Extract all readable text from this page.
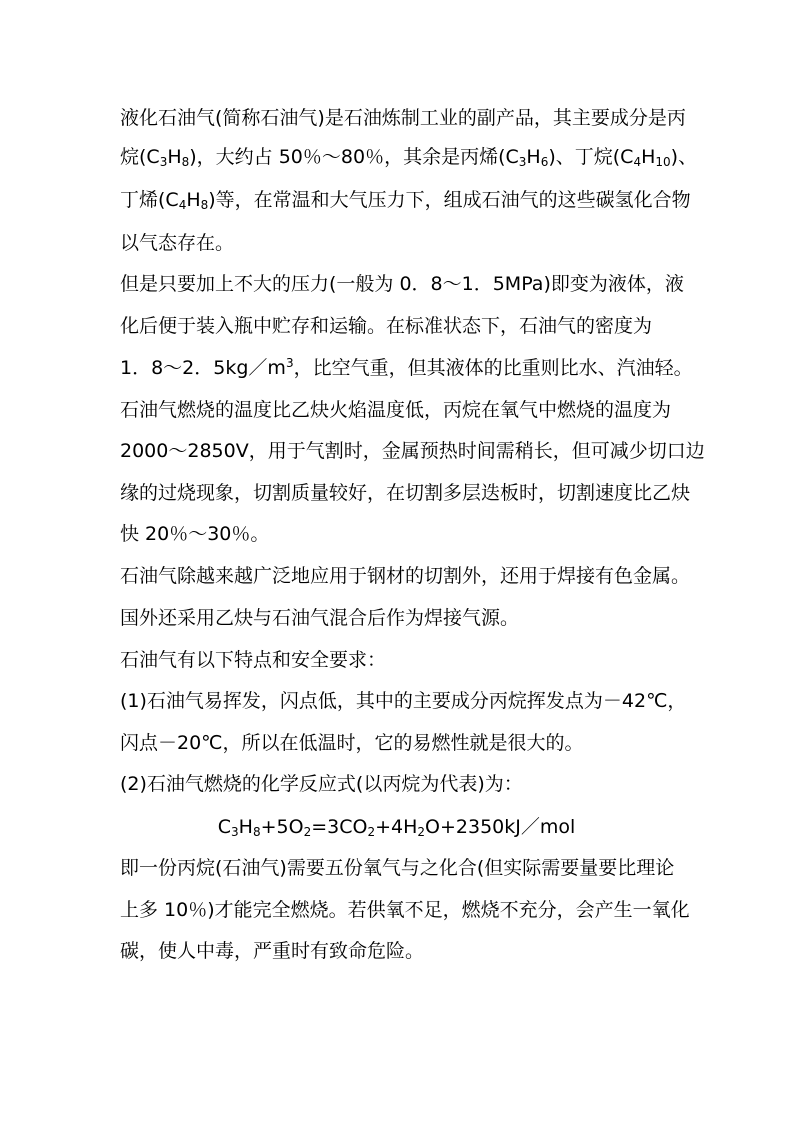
液化石油气(简称石油气)是石油炼制工业的副产品，其主要成分是丙
烷$(C_3H_8)$，大约占 50％～80％，其余是丙烯$(C_3H_6)$、丁烷$(C_4H_{10})$、
丁烯$(C_4H_8)$等，在常温和大气压力下，组成石油气的这些碳氢化合物
以气态存在。
但是只要加上不大的压力(一般为 0．8～1．5MPa)即变为液体，液
化后便于装入瓶中贮存和运输。在标准状态下，石油气的密度为
1．8～2．$5kg/m^3$，比空气重，但其液体的比重则比水、汽油轻。
石油气燃烧的温度比乙炔火焰温度低，丙烷在氧气中燃烧的温度为
2000～2850V，用于气割时，金属预热时间需稍长，但可减少切口边
缘的过烧现象，切割质量较好，在切割多层迭板时，切割速度比乙炔
快 20％～30％。
石油气除越来越广泛地应用于钢材的切割外，还用于焊接有色金属。
国外还采用乙炔与石油气混合后作为焊接气源。
石油气有以下特点和安全要求：
(1)石油气易挥发，闪点低，其中的主要成分丙烷挥发点为－42℃，
闪点－20℃，所以在低温时，它的易燃性就是很大的。
(2)石油气燃烧的化学反应式(以丙烷为代表)为：
$C_3H_8+5O_2=3CO_2+4H_2O+2350kJ/mol$
即一份丙烷(石油气)需要五份氧气与之化合(但实际需要量要比理论
上多 10％)才能完全燃烧。若供氧不足，燃烧不充分，会产生一氧化
碳，使人中毒，严重时有致命危险。
